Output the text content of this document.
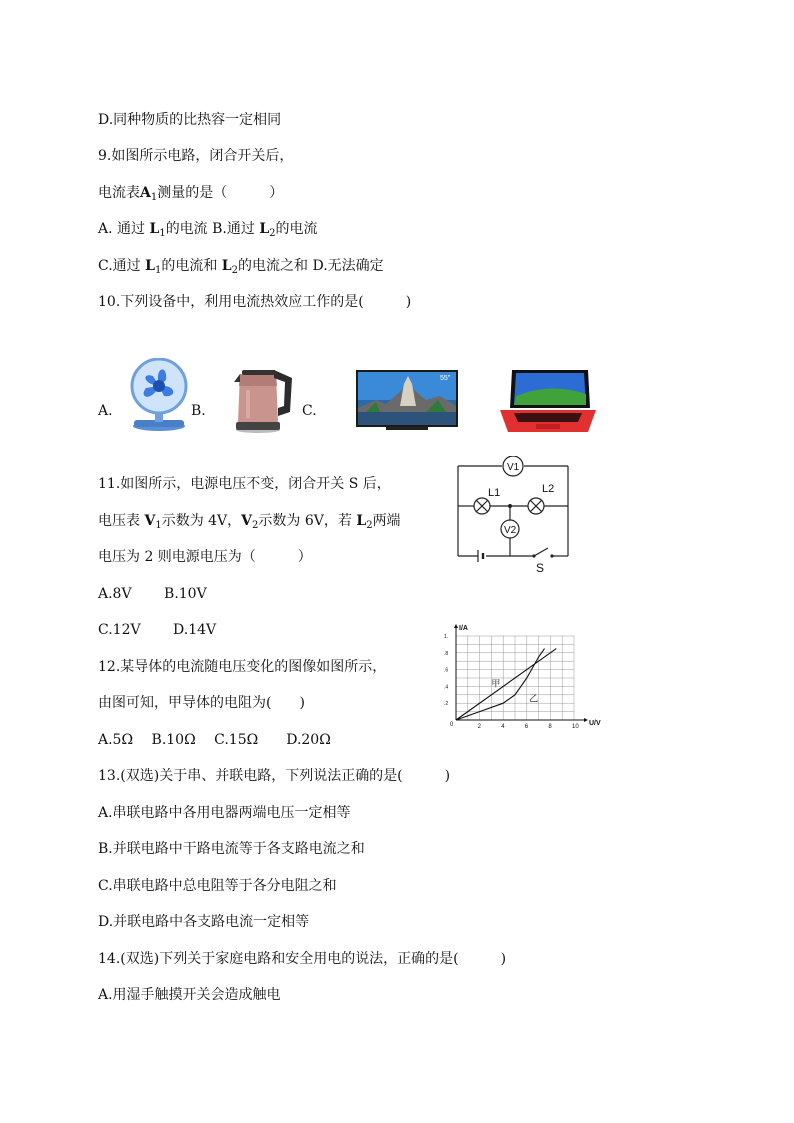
D.同种物质的比热容一定相同
9.如图所示电路，闭合开关后，
电流表$A_1$测量的是（　　　）
A. 通过 $L_1$的电流 B.通过 $L_2$的电流
C.通过 $L_1$的电流和 $L_2$的电流之和 D.无法确定
10.下列设备中，利用电流热效应工作的是(　　　)
A.	B.	C.
55"
11.如图所示，电源电压不变，闭合开关 S 后，
电压表 $V_1$示数为 4V，$V_2$示数为 6V，若 $L_2$两端
电压为 2 则电源电压为（　　　）
A.8V　　 B.10V
C.12V　　 D.14V
V1
V2
L1	L2
S
12.某导体的电流随电压变化的图像如图所示，
由图可知，甲导体的电阻为(　　)
A.5Ω　 B.10Ω　 C.15Ω　　D.20Ω
2	4	6	8	10
.2
.4
.6
.8
1.
甲
乙
I/A
U/V
0
13.(双选)关于串、并联电路，下列说法正确的是(　　　)
A.串联电路中各用电器两端电压一定相等
B.并联电路中干路电流等于各支路电流之和
C.串联电路中总电阻等于各分电阻之和
D.并联电路中各支路电流一定相等
14.(双选)下列关于家庭电路和安全用电的说法，正确的是(　　　)
A.用湿手触摸开关会造成触电
